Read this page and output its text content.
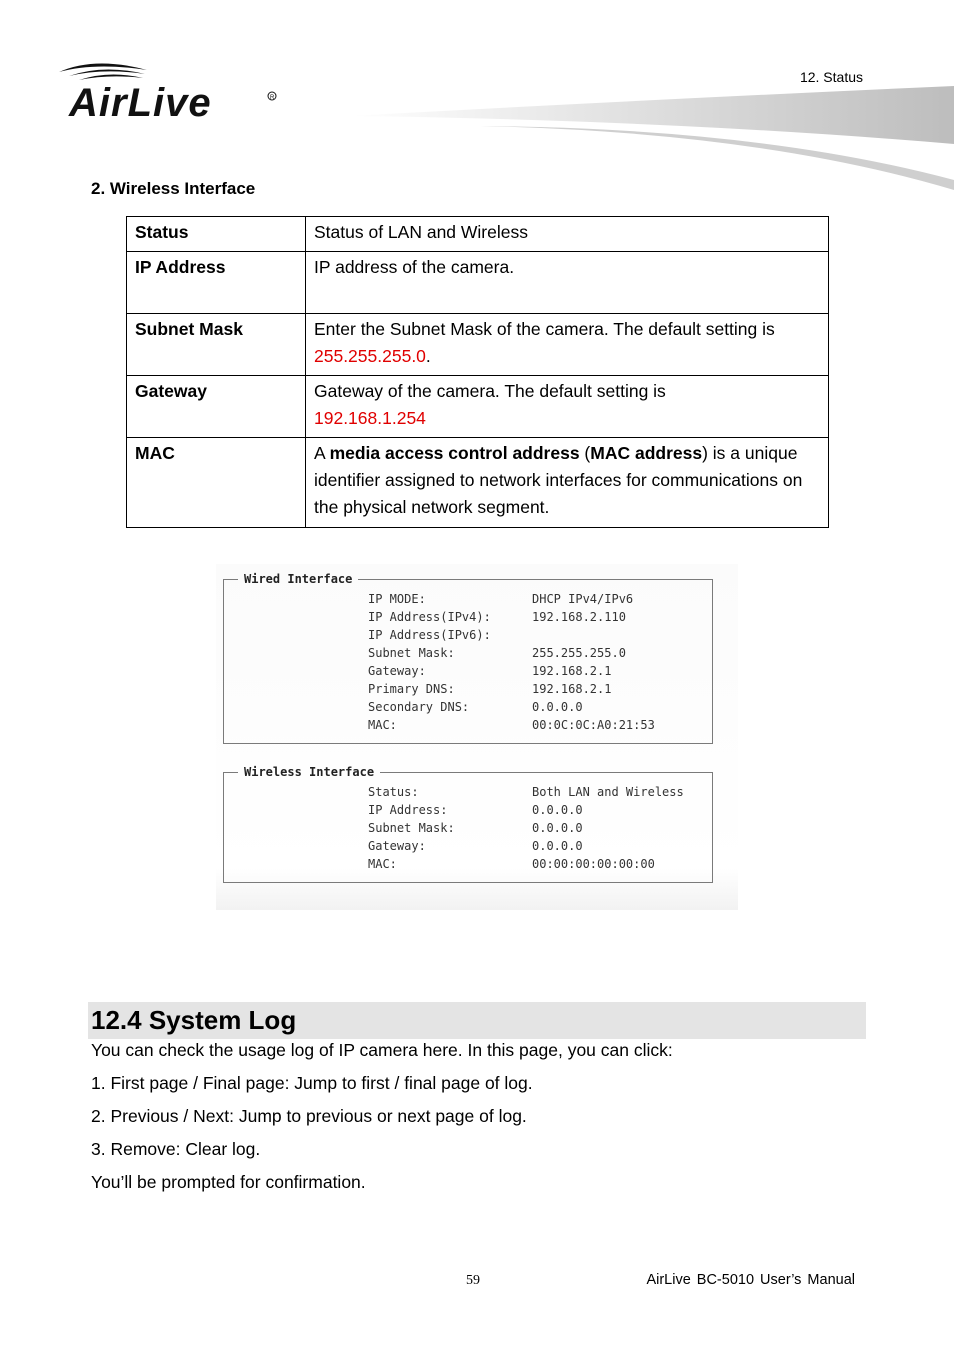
AirLive	R
12. Status
2. Wireless Interface
Status	Status of LAN and Wireless
IP Address	IP address of the camera.
Subnet Mask	Enter the Subnet Mask of the camera. The default setting is 255.255.255.0.
Gateway	Gateway of the camera. The default setting is
192.168.1.254
MAC	A media access control address (MAC address) is a unique identifier assigned to network interfaces for communications on the physical network segment.
Wired Interface
IP MODE:	DHCP IPv4/IPv6
IP Address(IPv4):	192.168.2.110
IP Address(IPv6):
Subnet Mask:	255.255.255.0
Gateway:	192.168.2.1
Primary DNS:	192.168.2.1
Secondary DNS:	0.0.0.0
MAC:	00:0C:0C:A0:21:53
Wireless Interface
Status:	Both LAN and Wireless
IP Address:	0.0.0.0
Subnet Mask:	0.0.0.0
Gateway:	0.0.0.0
MAC:	00:00:00:00:00:00
12.4 System Log
You can check the usage log of IP camera here. In this page, you can click:
1. First page / Final page: Jump to first / final page of log.
2. Previous / Next: Jump to previous or next page of log.
3. Remove: Clear log.
You’ll be prompted for confirmation.
59	AirLive BC-5010 User’s Manual
